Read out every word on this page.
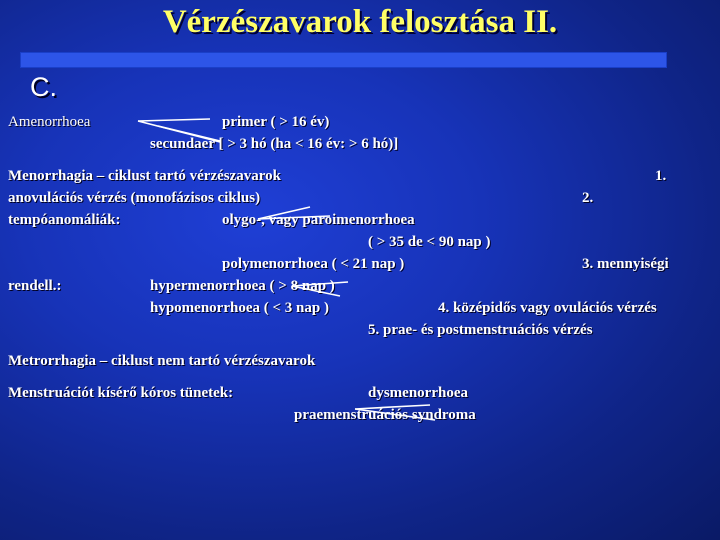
Vérzészavarok felosztása II.
C.
Amenorrhoea	primer ( > 16 év)
secundaer [ > 3 hó (ha < 16 év: > 6 hó)]
Menorrhagia – ciklust tartó vérzészavarok	1.
anovulációs vérzés (monofázisos ciklus)	2.
tempóanomáliák:	olygo-, vagy paroimenorrhoea
( > 35 de < 90 nap )
polymenorrhoea ( < 21 nap )	3. mennyiségi
rendell.:	hypermenorrhoea ( > 8 nap )
hypomenorrhoea ( < 3 nap )	4. középidős vagy ovulációs vérzés
5. prae- és postmenstruációs vérzés
Metrorrhagia – ciklust nem tartó vérzészavarok
Menstruációt kísérő kóros tünetek:	dysmenorrhoea
praemenstruációs syndroma
